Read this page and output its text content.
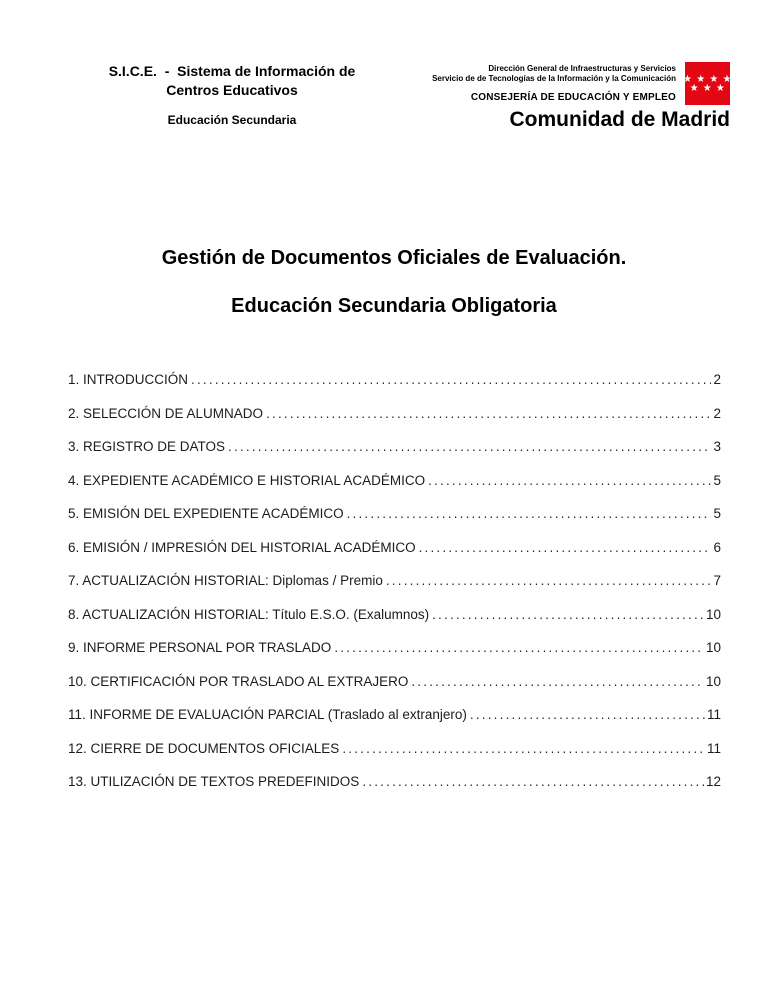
S.I.C.E.  -  Sistema de Información de
Centros Educativos
Educación Secundaria
Dirección General de Infraestructuras y Servicios
Servicio de de Tecnologías de la Información y la Comunicación
CONSEJERÍA DE EDUCACIÓN Y EMPLEO
★ ★ ★ ★
★ ★ ★
Comunidad de Madrid
Gestión de Documentos Oficiales de Evaluación.
Educación Secundaria Obligatoria
1. INTRODUCCIÓN .....	2
2. SELECCIÓN DE ALUMNADO .....	2
3. REGISTRO DE DATOS .....	3
4. EXPEDIENTE ACADÉMICO E HISTORIAL ACADÉMICO .....	5
5. EMISIÓN DEL EXPEDIENTE ACADÉMICO .....	5
6. EMISIÓN / IMPRESIÓN DEL HISTORIAL ACADÉMICO .....	6
7. ACTUALIZACIÓN HISTORIAL: Diplomas / Premio .....	7
8. ACTUALIZACIÓN HISTORIAL: Título E.S.O. (Exalumnos) .....	10
9. INFORME PERSONAL POR TRASLADO .....	10
10. CERTIFICACIÓN POR TRASLADO AL EXTRAJERO .....	10
11. INFORME DE EVALUACIÓN PARCIAL (Traslado al extranjero) .....	11
12. CIERRE DE DOCUMENTOS OFICIALES .....	11
13. UTILIZACIÓN DE TEXTOS PREDEFINIDOS .....	12
